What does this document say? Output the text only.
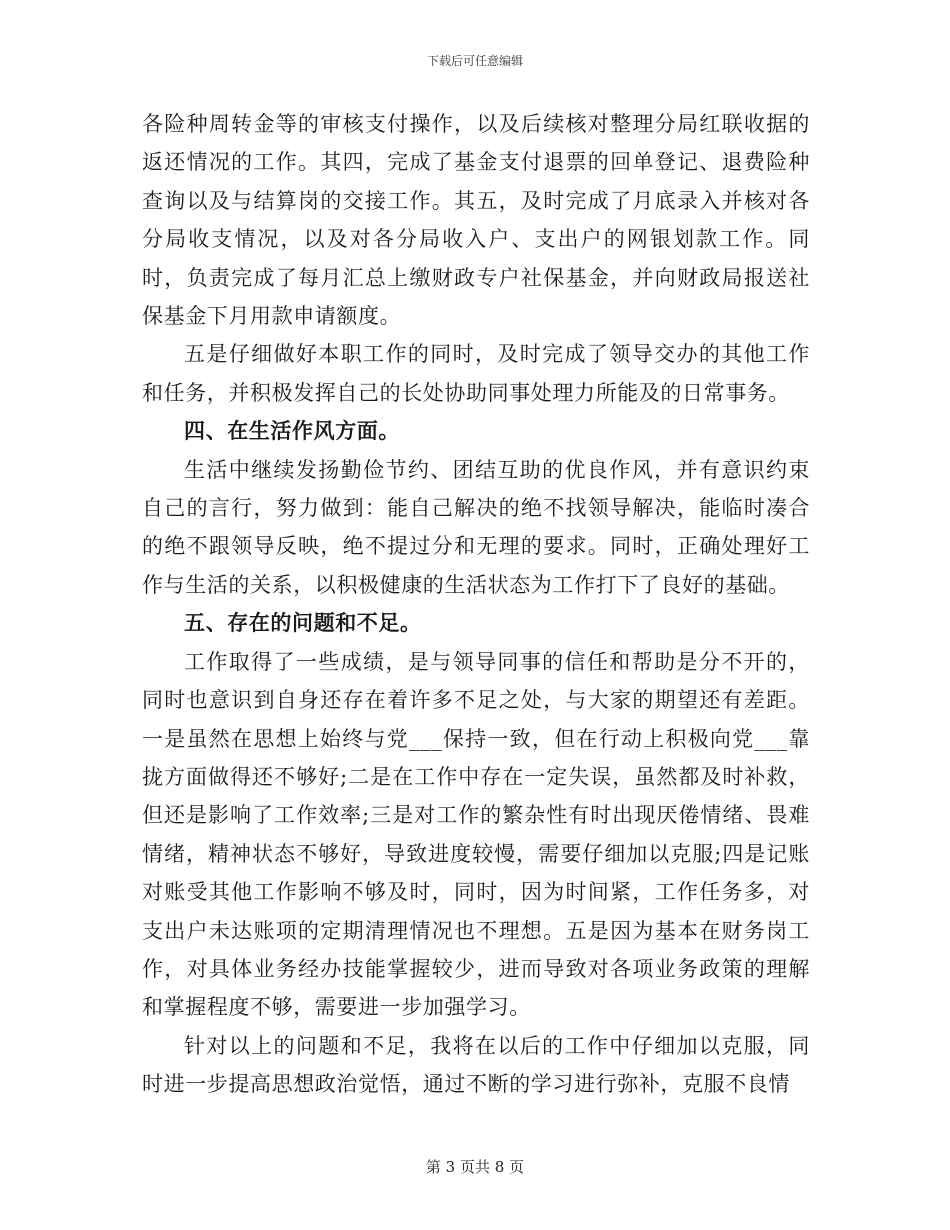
下载后可任意编辑

各险种周转金等的审核支付操作，以及后续核对整理分局红联收据的返还情况的工作。其四，完成了基金支付退票的回单登记、退费险种查询以及与结算岗的交接工作。其五，及时完成了月底录入并核对各分局收支情况，以及对各分局收入户、支出户的网银划款工作。同时，负责完成了每月汇总上缴财政专户社保基金，并向财政局报送社保基金下月用款申请额度。

五是仔细做好本职工作的同时，及时完成了领导交办的其他工作和任务，并积极发挥自己的长处协助同事处理力所能及的日常事务。

四、在生活作风方面。

生活中继续发扬勤俭节约、团结互助的优良作风，并有意识约束自己的言行，努力做到：能自己解决的绝不找领导解决，能临时凑合的绝不跟领导反映，绝不提过分和无理的要求。同时，正确处理好工作与生活的关系，以积极健康的生活状态为工作打下了良好的基础。

五、存在的问题和不足。

工作取得了一些成绩，是与领导同事的信任和帮助是分不开的，同时也意识到自身还存在着许多不足之处，与大家的期望还有差距。一是虽然在思想上始终与党___保持一致，但在行动上积极向党___靠拢方面做得还不够好;二是在工作中存在一定失误，虽然都及时补救，但还是影响了工作效率;三是对工作的繁杂性有时出现厌倦情绪、畏难情绪，精神状态不够好，导致进度较慢，需要仔细加以克服;四是记账对账受其他工作影响不够及时，同时，因为时间紧，工作任务多，对支出户未达账项的定期清理情况也不理想。五是因为基本在财务岗工作，对具体业务经办技能掌握较少，进而导致对各项业务政策的理解和掌握程度不够，需要进一步加强学习。

针对以上的问题和不足，我将在以后的工作中仔细加以克服，同时进一步提高思想政治觉悟，通过不断的学习进行弥补，克服不良情

第 3 页共 8 页
